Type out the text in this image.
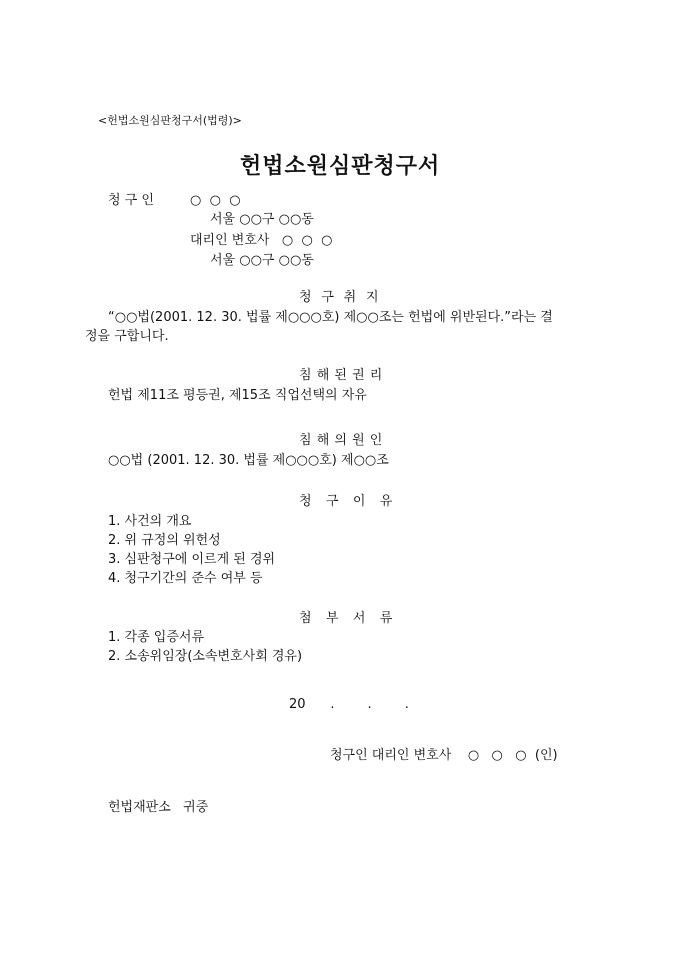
<헌법소원심판청구서(법령)>
헌법소원심판청구서
청 구 인	○  ○  ○
서울 ○○구 ○○동
대리인 변호사   ○  ○  ○
서울 ○○구 ○○동
청  구  취  지
“○○법(2001. 12. 30. 법률 제○○○호) 제○○조는 헌법에 위반된다.”라는 결
정을 구합니다.
침 해 된 권 리
헌법 제11조 평등권, 제15조 직업선택의 자유
침 해 의 원 인
○○법 (2001. 12. 30. 법률 제○○○호) 제○○조
청   구   이   유
1. 사건의 개요
2. 위 규정의 위헌성
3. 심판청구에 이르게 된 경위
4. 청구기간의 준수 여부 등
첨   부   서   류
1. 각종 입증서류
2. 소송위임장(소속변호사회 경유)
20      .        .        .
청구인 대리인 변호사    ○   ○   ○  (인)
헌법재판소   귀중
